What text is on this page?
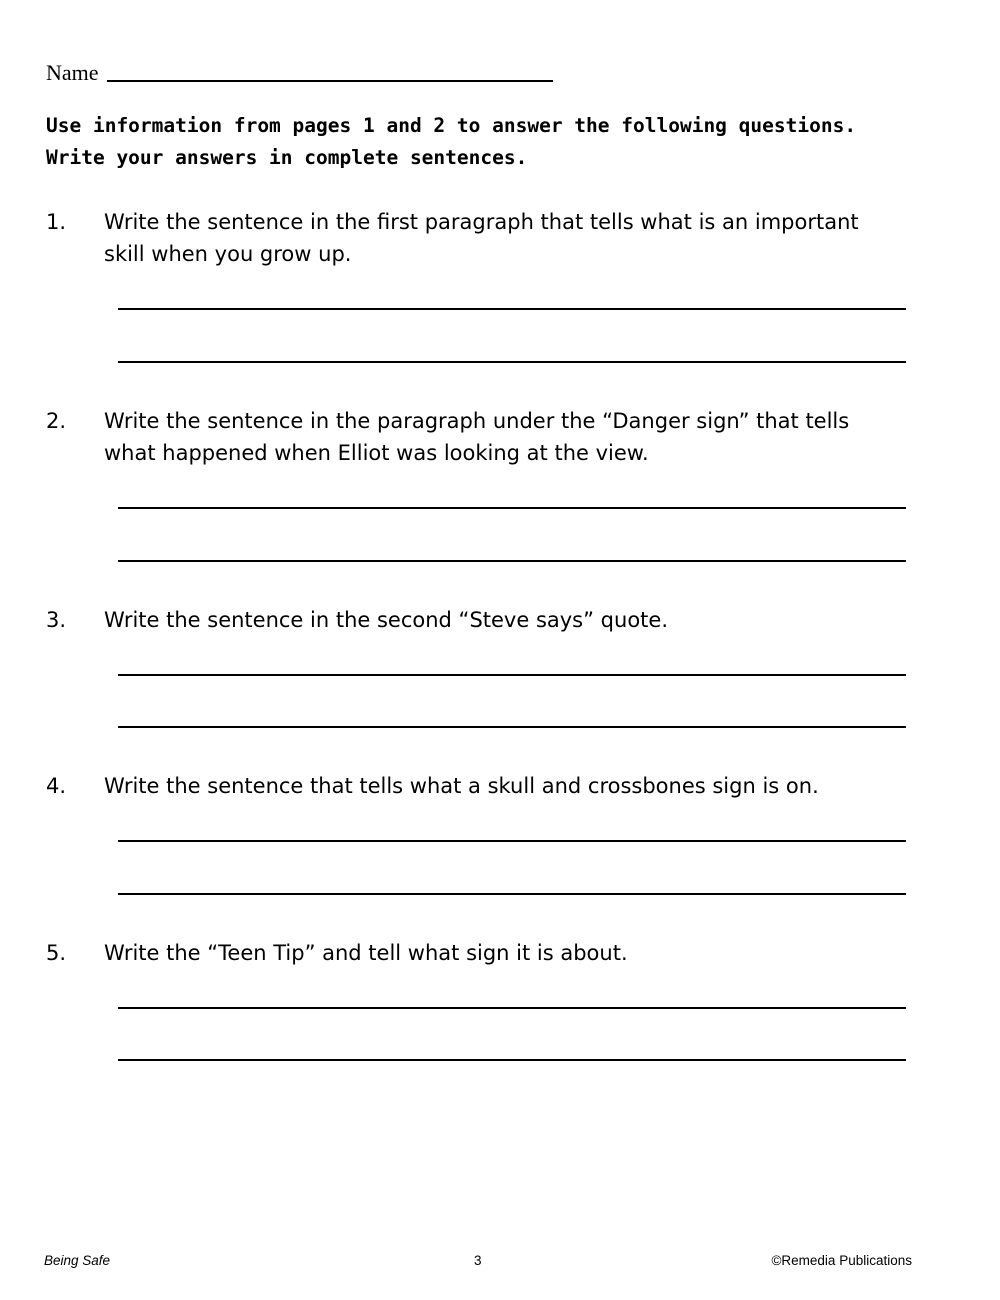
Name
Use information from pages 1 and 2 to answer the following questions.
Write your answers in complete sentences.
1. Write the sentence in the first paragraph that tells what is an important
skill when you grow up.
2. Write the sentence in the paragraph under the “Danger sign” that tells
what happened when Elliot was looking at the view.
3. Write the sentence in the second “Steve says” quote.
4. Write the sentence that tells what a skull and crossbones sign is on.
5. Write the “Teen Tip” and tell what sign it is about.
Being Safe	3	©Remedia Publications
